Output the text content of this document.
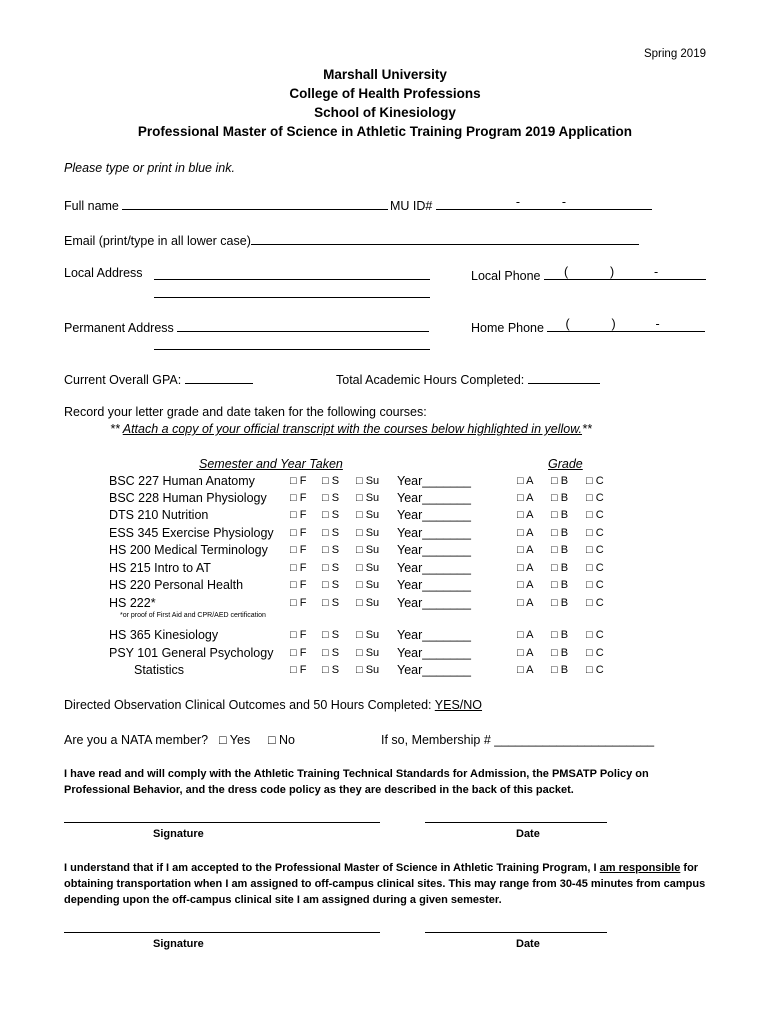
Spring 2019
Marshall University
College of Health Professions
School of Kinesiology
Professional Master of Science in Athletic Training Program 2019 Application
Please type or print in blue ink.
Full name	MU ID#	-	-
Email (print/type in all lower case)
Local Address	Local Phone (	)	-
Permanent Address	Home Phone (	)	-
Current Overall GPA:	Total Academic Hours Completed:
Record your letter grade and date taken for the following courses:
** Attach a copy of your official transcript with the courses below highlighted in yellow.**
Semester and Year Taken	Grade
BSC 227 Human Anatomy	□ F □ S □ Su Year_______	□ A □ B □ C
BSC 228 Human Physiology □ F □ S □ Su Year_______	□ A □ B □ C
DTS 210 Nutrition	□ F □ S □ Su Year_______	□ A □ B □ C
ESS 345 Exercise Physiology □ F □ S □ Su Year_______	□ A □ B □ C
HS 200 Medical Terminology □ F □ S □ Su Year_______	□ A □ B □ C
HS 215 Intro to AT	□ F □ S □ Su Year_______	□ A □ B □ C
HS 220 Personal Health	□ F □ S □ Su Year_______	□ A □ B □ C
HS 222*	□ F □ S □ Su Year_______	□ A □ B □ C
HS 365 Kinesiology	□ F □ S □ Su Year_______	□ A □ B □ C
PSY 101 General Psychology □ F □ S □ Su Year_______	□ A □ B □ C
Statistics	□ F □ S □ Su Year_______	□ A □ B □ C
*or proof of First Aid and CPR/AED certification
Directed Observation Clinical Outcomes and 50 Hours Completed: YES/NO
Are you a NATA member? □ Yes □ No	If so, Membership # _______________________
I have read and will comply with the Athletic Training Technical Standards for Admission, the PMSATP Policy on Professional Behavior, and the dress code policy as they are described in the back of this packet.
Signature	Date
I understand that if I am accepted to the Professional Master of Science in Athletic Training Program, I am responsible for obtaining transportation when I am assigned to off-campus clinical sites. This may range from 30-45 minutes from campus depending upon the off-campus clinical site I am assigned during a given semester.
Signature	Date
